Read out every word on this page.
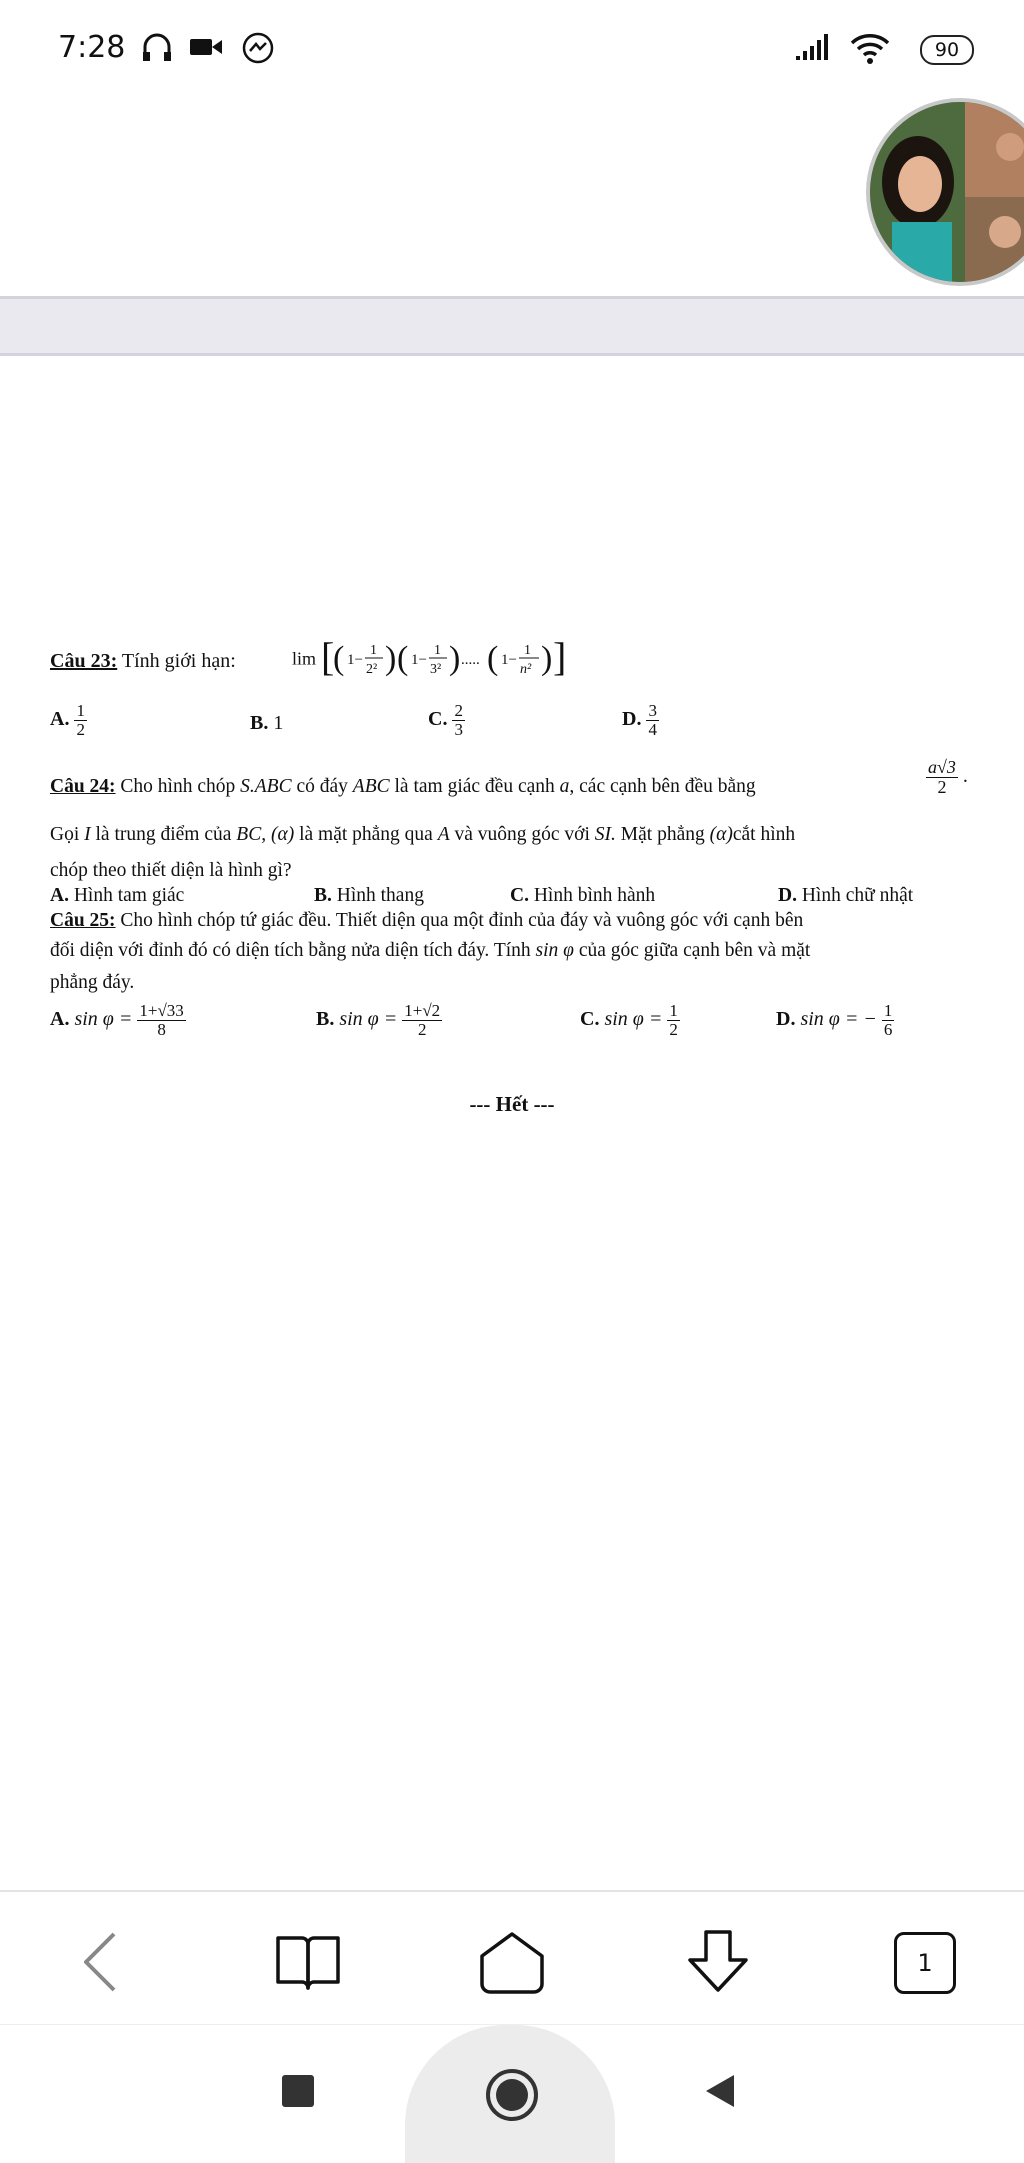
7:28	90
Câu 23: Tính giới hạn:	lim [
( 1−
1
2² ) ( 1−
1
3² ) ..... ( 1−
1
n² ) ]
A. $\frac{1}{2}$	B. 1	C. $\frac{2}{3}$	D. $\frac{3}{4}$
Câu 24: Cho hình chóp S.ABC có đáy ABC là tam giác đều cạnh a, các cạnh bên đều bằng	$\frac{a√3}{2}$ .
Gọi I là trung điểm của BC, (α) là mặt phẳng qua A và vuông góc với SI. Mặt phẳng (α)cắt hình
chóp theo thiết diện là hình gì?
A. Hình tam giác	B. Hình thang	C. Hình bình hành	D. Hình chữ nhật
Câu 25: Cho hình chóp tứ giác đều. Thiết diện qua một đỉnh của đáy và vuông góc với cạnh bên
đối diện với đỉnh đó có diện tích bằng nửa diện tích đáy. Tính sin φ của góc giữa cạnh bên và mặt
phẳng đáy.
A. $\sin \varphi = \frac{1+√33}{8}$	B. $\sin \varphi = \frac{1+√2}{2}$	C. $\sin \varphi = \frac{1}{2}$	D. sin φ = − $\frac{1}{6}$
--- Hết ---
1
